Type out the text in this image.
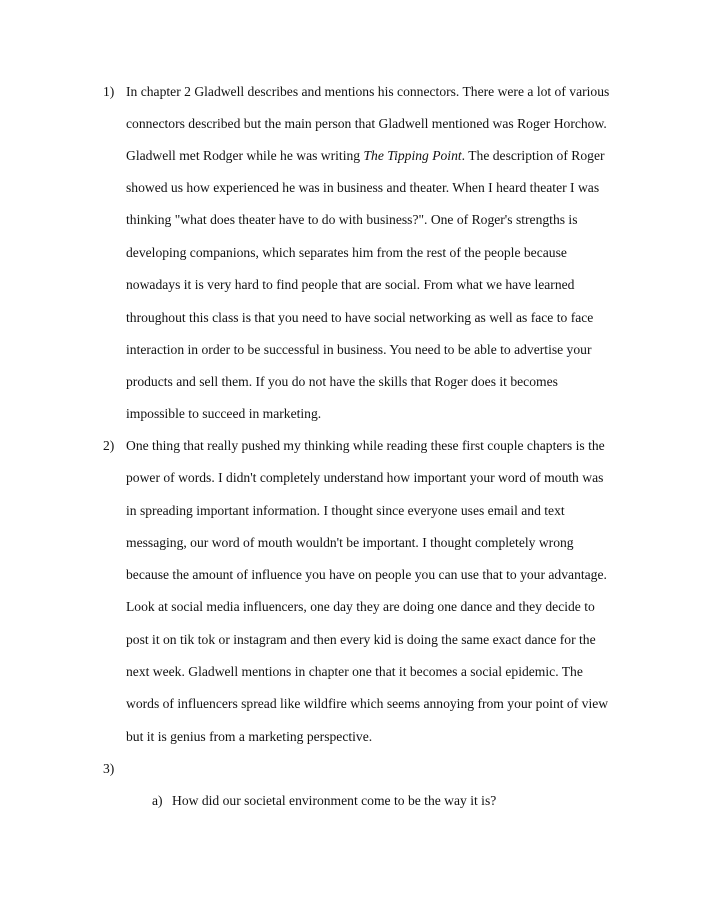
1) In chapter 2 Gladwell describes and mentions his connectors. There were a lot of various
connectors described but the main person that Gladwell mentioned was Roger Horchow.
Gladwell met Rodger while he was writing The Tipping Point. The description of Roger
showed us how experienced he was in business and theater. When I heard theater I was
thinking "what does theater have to do with business?". One of Roger's strengths is
developing companions, which separates him from the rest of the people because
nowadays it is very hard to find people that are social. From what we have learned
throughout this class is that you need to have social networking as well as face to face
interaction in order to be successful in business. You need to be able to advertise your
products and sell them. If you do not have the skills that Roger does it becomes
impossible to succeed in marketing.
2) One thing that really pushed my thinking while reading these first couple chapters is the
power of words. I didn't completely understand how important your word of mouth was
in spreading important information. I thought since everyone uses email and text
messaging, our word of mouth wouldn't be important. I thought completely wrong
because the amount of influence you have on people you can use that to your advantage.
Look at social media influencers, one day they are doing one dance and they decide to
post it on tik tok or instagram and then every kid is doing the same exact dance for the
next week. Gladwell mentions in chapter one that it becomes a social epidemic. The
words of influencers spread like wildfire which seems annoying from your point of view
but it is genius from a marketing perspective.
3)
a) How did our societal environment come to be the way it is?
